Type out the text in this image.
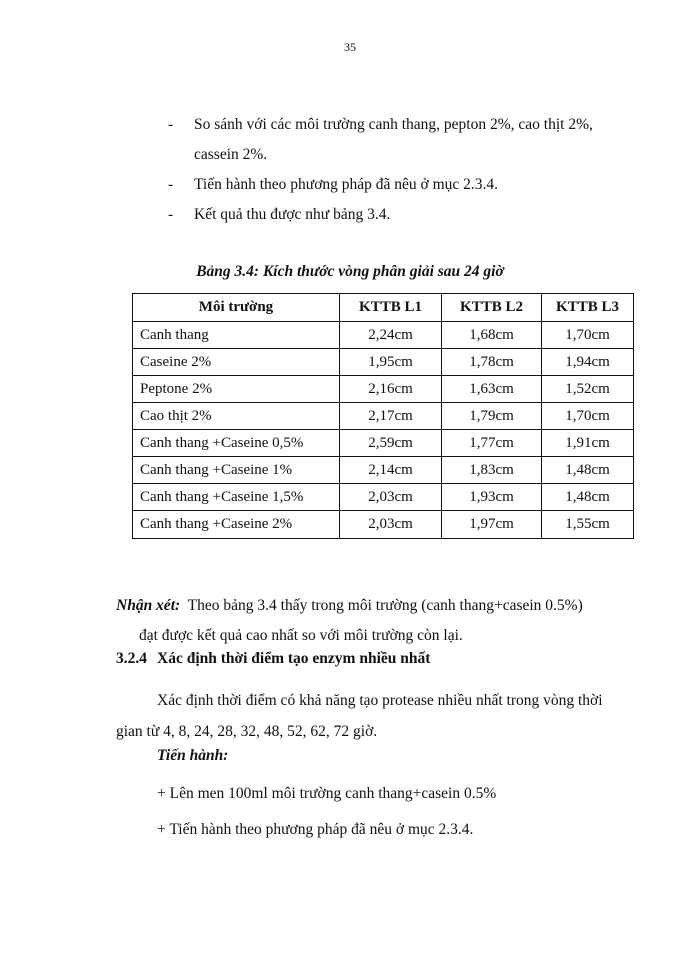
35
- So sánh với các môi trường canh thang, pepton 2%, cao thịt 2%,
cassein 2%.
- Tiến hành theo phương pháp đã nêu ở mục 2.3.4.
- Kết quả thu được như bảng 3.4.
Bảng 3.4: Kích thước vòng phân giải sau 24 giờ
Môi trường	KTTB L1	KTTB L2	KTTB L3
Canh thang	2,24cm	1,68cm	1,70cm
Caseine 2%	1,95cm	1,78cm	1,94cm
Peptone 2%	2,16cm	1,63cm	1,52cm
Cao thịt 2%	2,17cm	1,79cm	1,70cm
Canh thang +Caseine 0,5%	2,59cm	1,77cm	1,91cm
Canh thang +Caseine 1%	2,14cm	1,83cm	1,48cm
Canh thang +Caseine 1,5%	2,03cm	1,93cm	1,48cm
Canh thang +Caseine 2%	2,03cm	1,97cm	1,55cm
Nhận xét: Theo bảng 3.4 thấy trong môi trường (canh thang+casein 0.5%)
đạt được kết quả cao nhất so với môi trường còn lại.
3.2.4 Xác định thời điểm tạo enzym nhiều nhất
Xác định thời điểm có khả năng tạo protease nhiều nhất trong vòng thời
gian từ 4, 8, 24, 28, 32, 48, 52, 62, 72 giờ.
Tiến hành:
+ Lên men 100ml môi trường canh thang+casein 0.5%
+ Tiến hành theo phương pháp đã nêu ở mục 2.3.4.
